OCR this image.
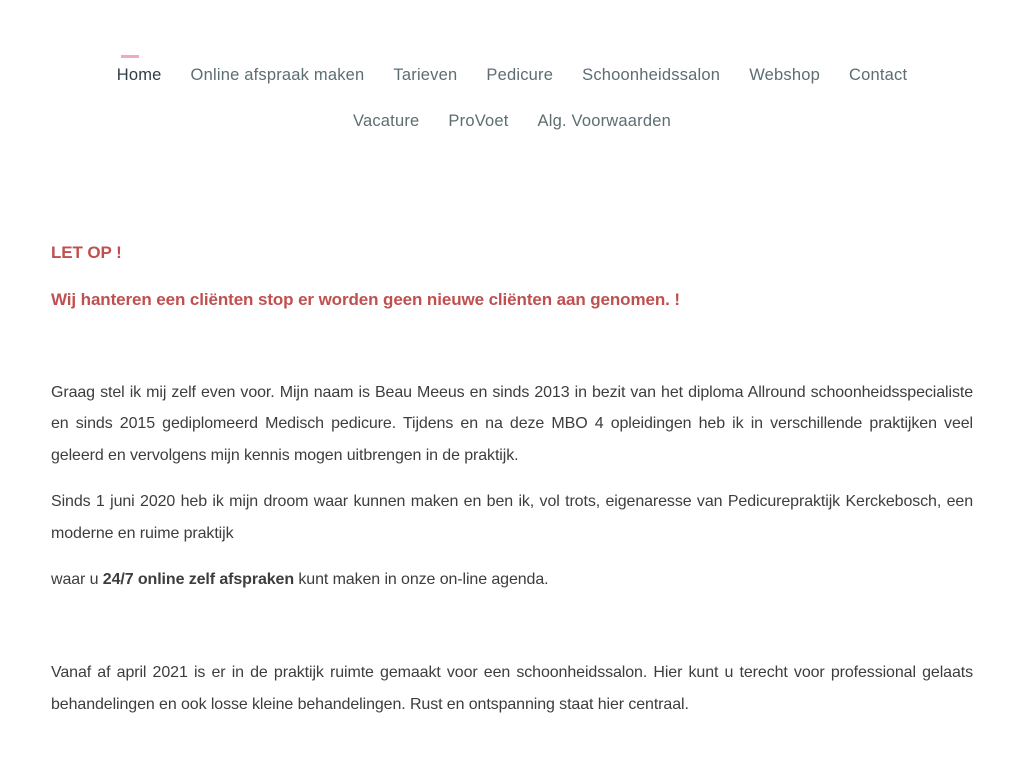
Home Online afspraak maken Tarieven Pedicure Schoonheidssalon Webshop Contact
Vacature ProVoet Alg. Voorwaarden

LET OP !

Wij hanteren een cliënten stop er worden geen nieuwe cliënten aan genomen. !

Graag stel ik mij zelf even voor. Mijn naam is Beau Meeus en sinds 2013 in bezit van het diploma Allround schoonheidsspecialiste en sinds 2015 gediplomeerd Medisch pedicure. Tijdens en na deze MBO 4 opleidingen heb ik in verschillende praktijken veel geleerd en vervolgens mijn kennis mogen uitbrengen in de praktijk.

Sinds 1 juni 2020 heb ik mijn droom waar kunnen maken en ben ik, vol trots, eigenaresse van Pedicurepraktijk Kerckebosch, een moderne en ruime praktijk

waar u 24/7 online zelf afspraken kunt maken in onze on-line agenda.

Vanaf af april 2021 is er in de praktijk ruimte gemaakt voor een schoonheidssalon. Hier kunt u terecht voor professional gelaats behandelingen en ook losse kleine behandelingen. Rust en ontspanning staat hier centraal.
